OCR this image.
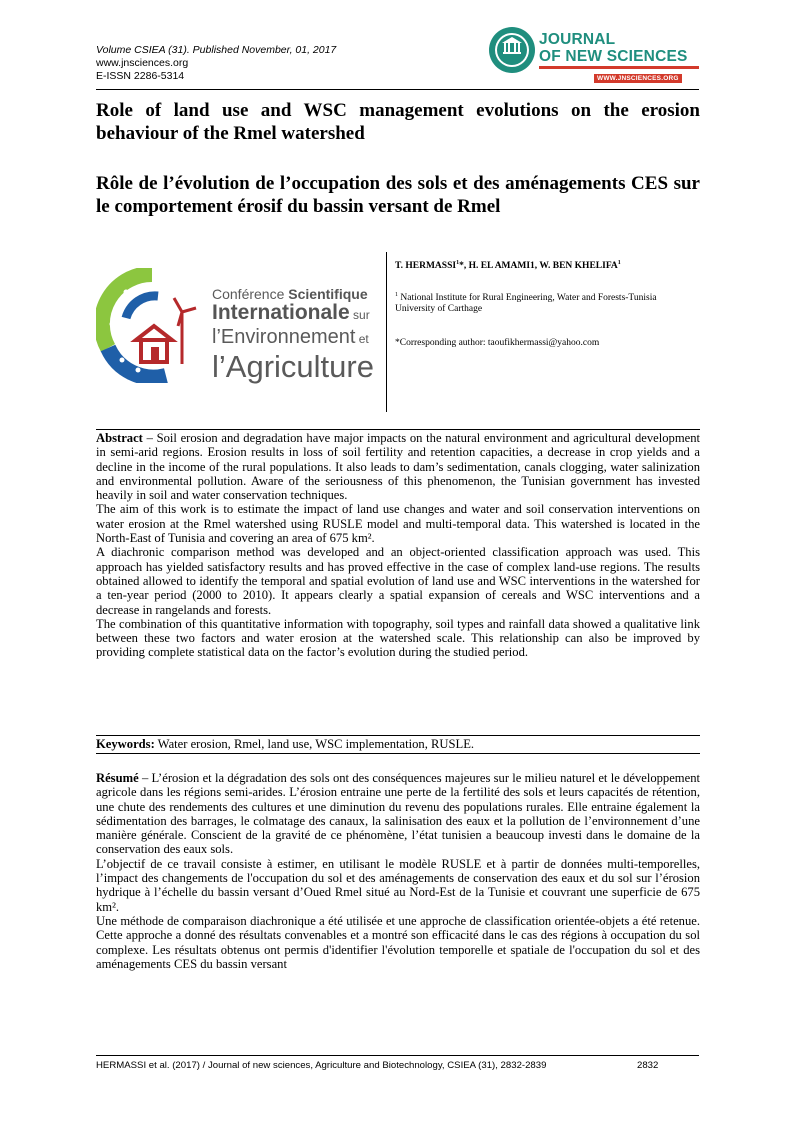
Volume CSIEA (31). Published November, 01, 2017
www.jnsciences.org
E-ISSN 2286-5314
JOURNAL
OF NEW SCIENCES
WWW.JNSCIENCES.ORG
Role of land use and WSC management evolutions on the erosion behaviour of the Rmel watershed
Rôle de l’évolution de l’occupation des sols et des aménagements CES sur le comportement érosif du bassin versant de Rmel
Conférence Scientifique
Internationale sur
l’Environnement et
l’Agriculture
T. HERMASSI$^1$*, H. EL AMAMI1, W. BEN KHELIFA$^1$
$^1$ National Institute for Rural Engineering, Water and Forests-Tunisia
University of Carthage
*Corresponding author: taoufikhermassi@yahoo.com

Abstract – Soil erosion and degradation have major impacts on the natural environment and agricultural development in semi-arid regions. Erosion results in loss of soil fertility and retention capacities, a decrease in crop yields and a decline in the income of the rural populations. It also leads to dam’s sedimentation, canals clogging, water salinization and environmental pollution. Aware of the seriousness of this phenomenon, the Tunisian government has invested heavily in soil and water conservation techniques.

The aim of this work is to estimate the impact of land use changes and water and soil conservation interventions on water erosion at the Rmel watershed using RUSLE model and multi-temporal data. This watershed is located in the North-East of Tunisia and covering an area of 675 km².

A diachronic comparison method was developed and an object-oriented classification approach was used. This approach has yielded satisfactory results and has proved effective in the case of complex land-use regions. The results obtained allowed to identify the temporal and spatial evolution of land use and WSC interventions in the watershed for a ten-year period (2000 to 2010). It appears clearly a spatial expansion of cereals and WSC interventions and a decrease in rangelands and forests.

The combination of this quantitative information with topography, soil types and rainfall data showed a qualitative link between these two factors and water erosion at the watershed scale. This relationship can also be improved by providing complete statistical data on the factor’s evolution during the studied period.

Keywords: Water erosion, Rmel, land use, WSC implementation, RUSLE.

Résumé – L’érosion et la dégradation des sols ont des conséquences majeures sur le milieu naturel et le développement agricole dans les régions semi-arides. L’érosion entraine une perte de la fertilité des sols et leurs capacités de rétention, une chute des rendements des cultures et une diminution du revenu des populations rurales. Elle entraine également la sédimentation des barrages, le colmatage des canaux, la salinisation des eaux et la pollution de l’environnement d’une manière générale. Conscient de la gravité de ce phénomène, l’état tunisien a beaucoup investi dans le domaine de la conservation des eaux sols.

L’objectif de ce travail consiste à estimer, en utilisant le modèle RUSLE et à partir de données multi-temporelles, l’impact des changements de l'occupation du sol et des aménagements de conservation des eaux et du sol sur l’érosion hydrique à l’échelle du bassin versant d’Oued Rmel situé au Nord-Est de la Tunisie et couvrant une superficie de 675 km².

Une méthode de comparaison diachronique a été utilisée et une approche de classification orientée-objets a été retenue. Cette approche a donné des résultats convenables et a montré son efficacité dans le cas des régions à occupation du sol complexe. Les résultats obtenus ont permis d'identifier l'évolution temporelle et spatiale de l'occupation du sol et des aménagements CES du bassin versant

HERMASSI et al. (2017) / Journal of new sciences, Agriculture and Biotechnology, CSIEA (31), 2832-2839	2832
